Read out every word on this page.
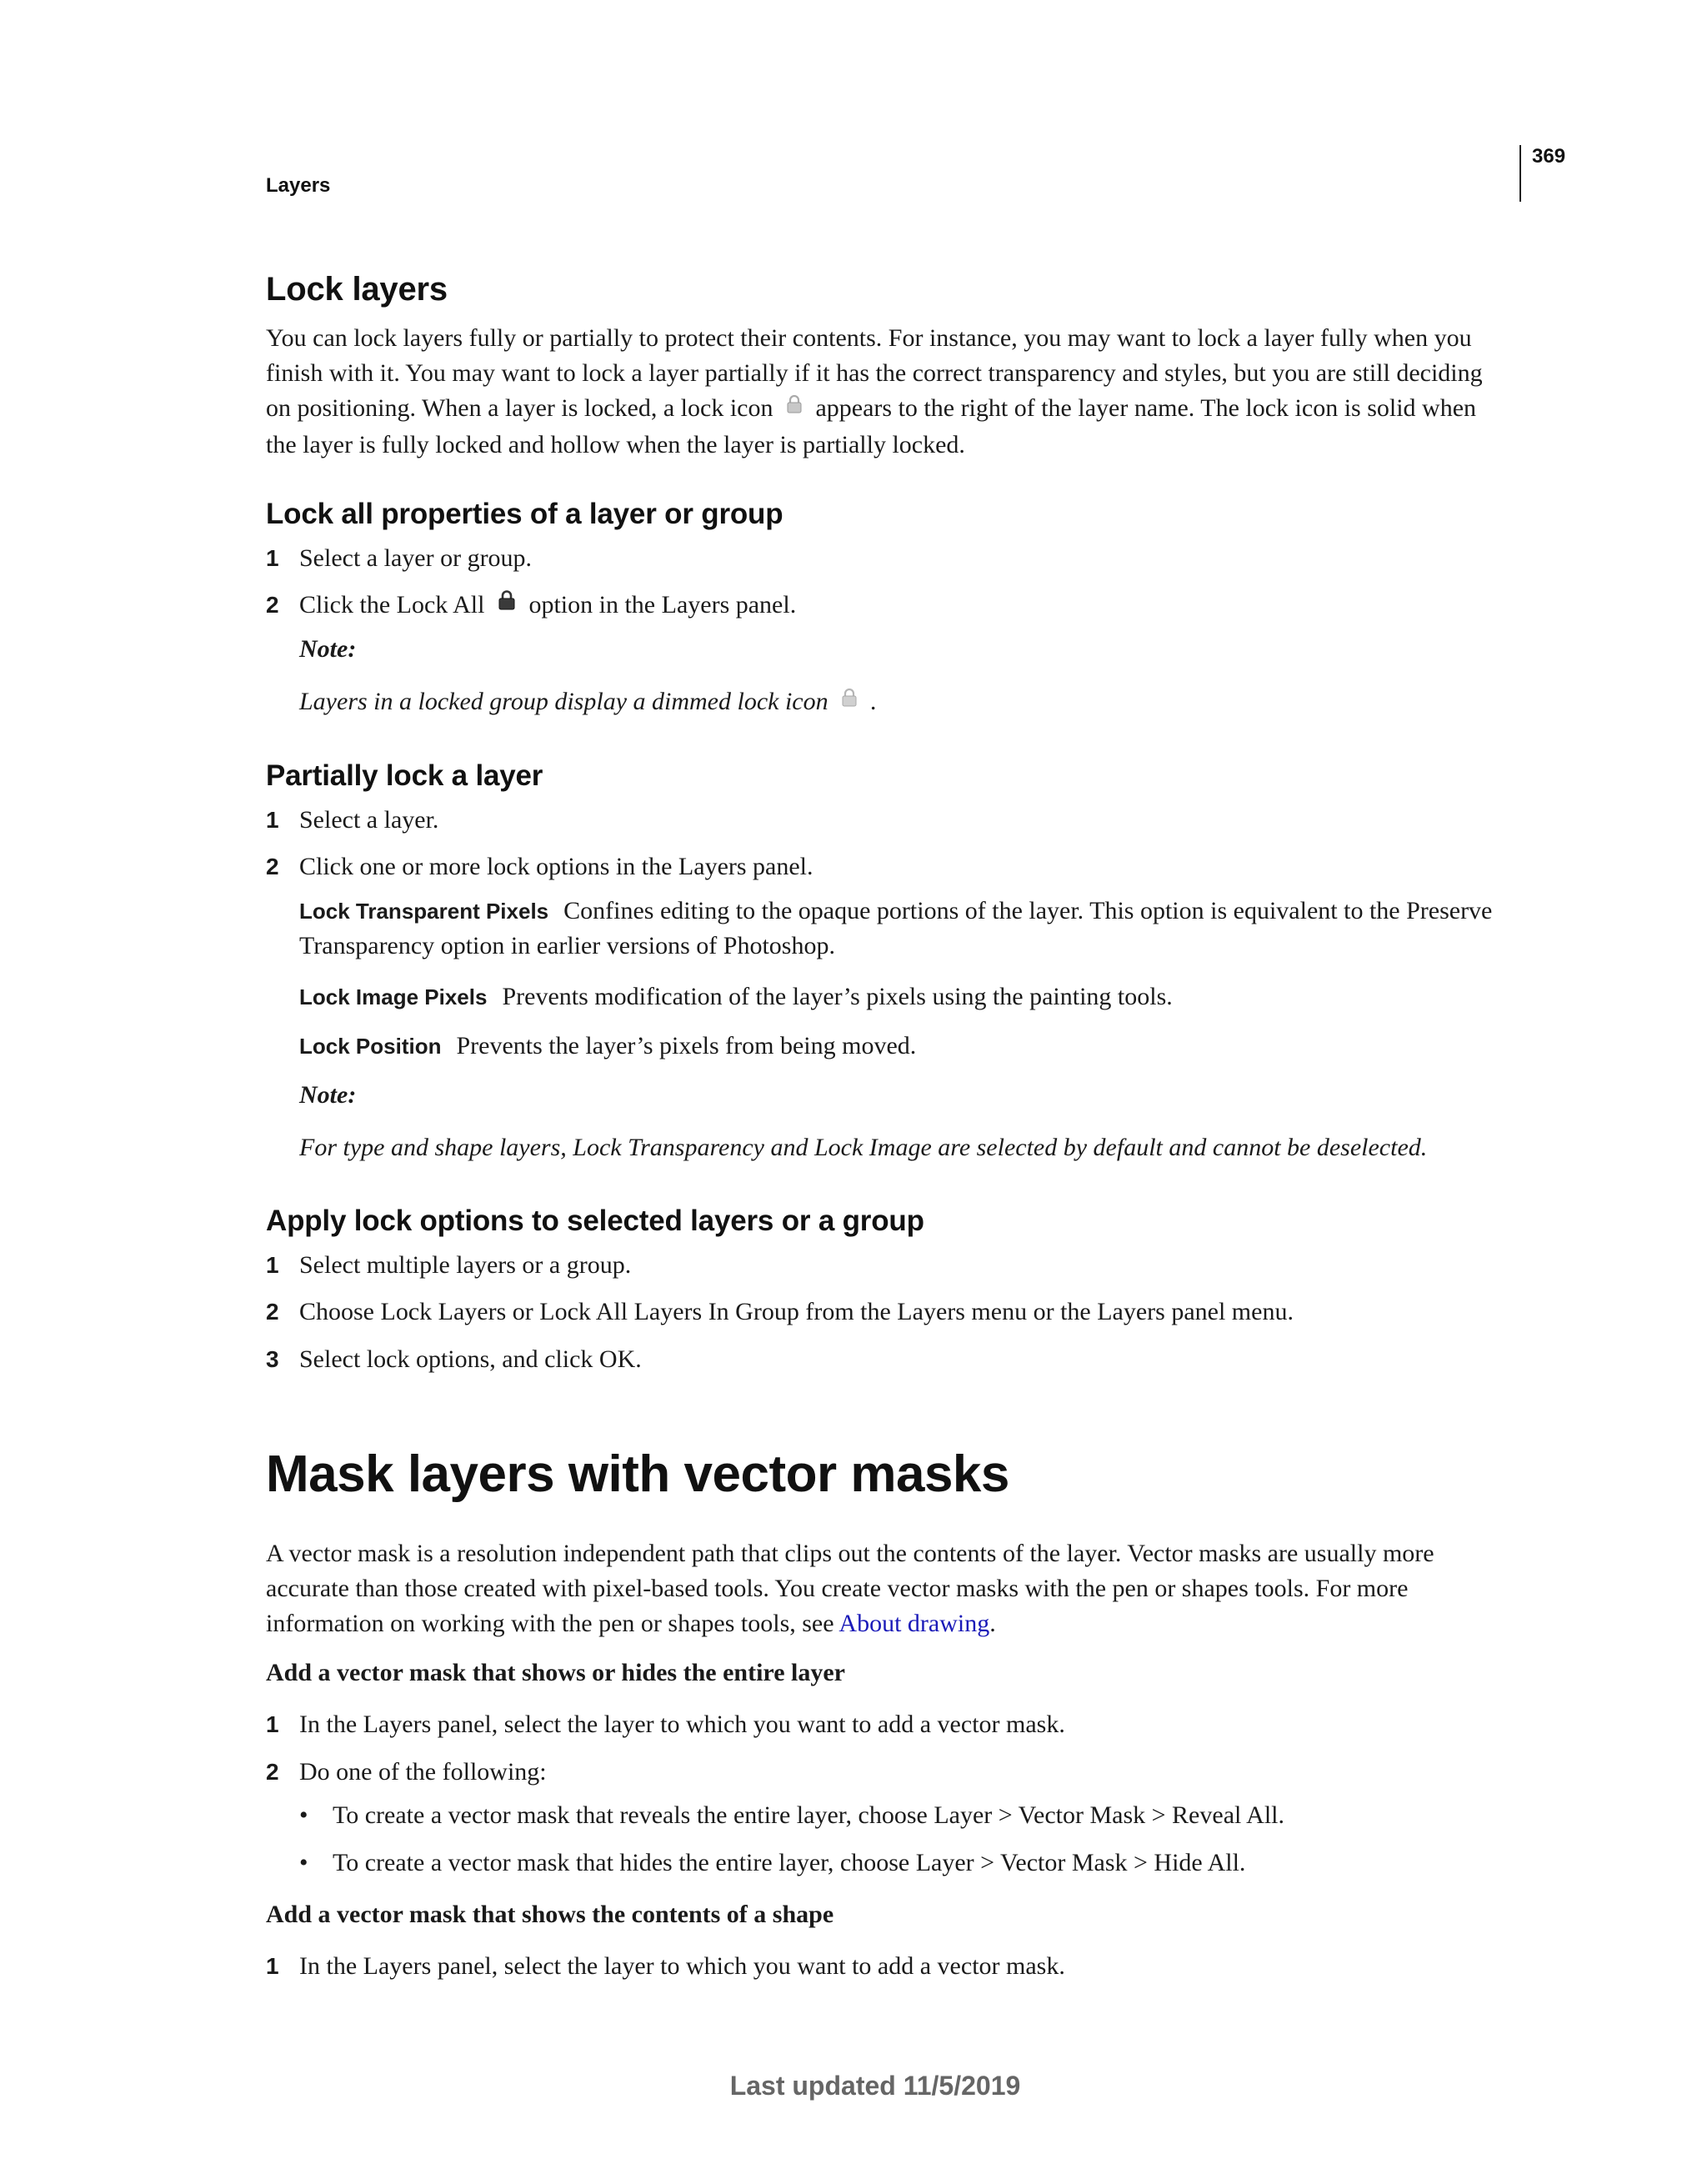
Layers
369
Lock layers

You can lock layers fully or partially to protect their contents. For instance, you may want to lock a layer fully when you finish with it. You may want to lock a layer partially if it has the correct transparency and styles, but you are still deciding on positioning. When a layer is locked, a lock icon appears to the right of the layer name. The lock icon is solid when the layer is fully locked and hollow when the layer is partially locked.

Lock all properties of a layer or group
1 Select a layer or group.
2 Click the Lock All option in the Layers panel.
Note:
Layers in a locked group display a dimmed lock icon .
Partially lock a layer
1 Select a layer.
2 Click one or more lock options in the Layers panel.
Lock Transparent Pixels Confines editing to the opaque portions of the layer. This option is equivalent to the Preserve Transparency option in earlier versions of Photoshop.
Lock Image Pixels Prevents modification of the layer’s pixels using the painting tools.
Lock Position Prevents the layer’s pixels from being moved.
Note:
For type and shape layers, Lock Transparency and Lock Image are selected by default and cannot be deselected.
Apply lock options to selected layers or a group
1 Select multiple layers or a group.
2 Choose Lock Layers or Lock All Layers In Group from the Layers menu or the Layers panel menu.
3 Select lock options, and click OK.
Mask layers with vector masks

A vector mask is a resolution independent path that clips out the contents of the layer. Vector masks are usually more accurate than those created with pixel-based tools. You create vector masks with the pen or shapes tools. For more information on working with the pen or shapes tools, see About drawing.

Add a vector mask that shows or hides the entire layer
1 In the Layers panel, select the layer to which you want to add a vector mask.
2 Do one of the following:
• To create a vector mask that reveals the entire layer, choose Layer > Vector Mask > Reveal All.
• To create a vector mask that hides the entire layer, choose Layer > Vector Mask > Hide All.
Add a vector mask that shows the contents of a shape
1 In the Layers panel, select the layer to which you want to add a vector mask.
Last updated 11/5/2019
